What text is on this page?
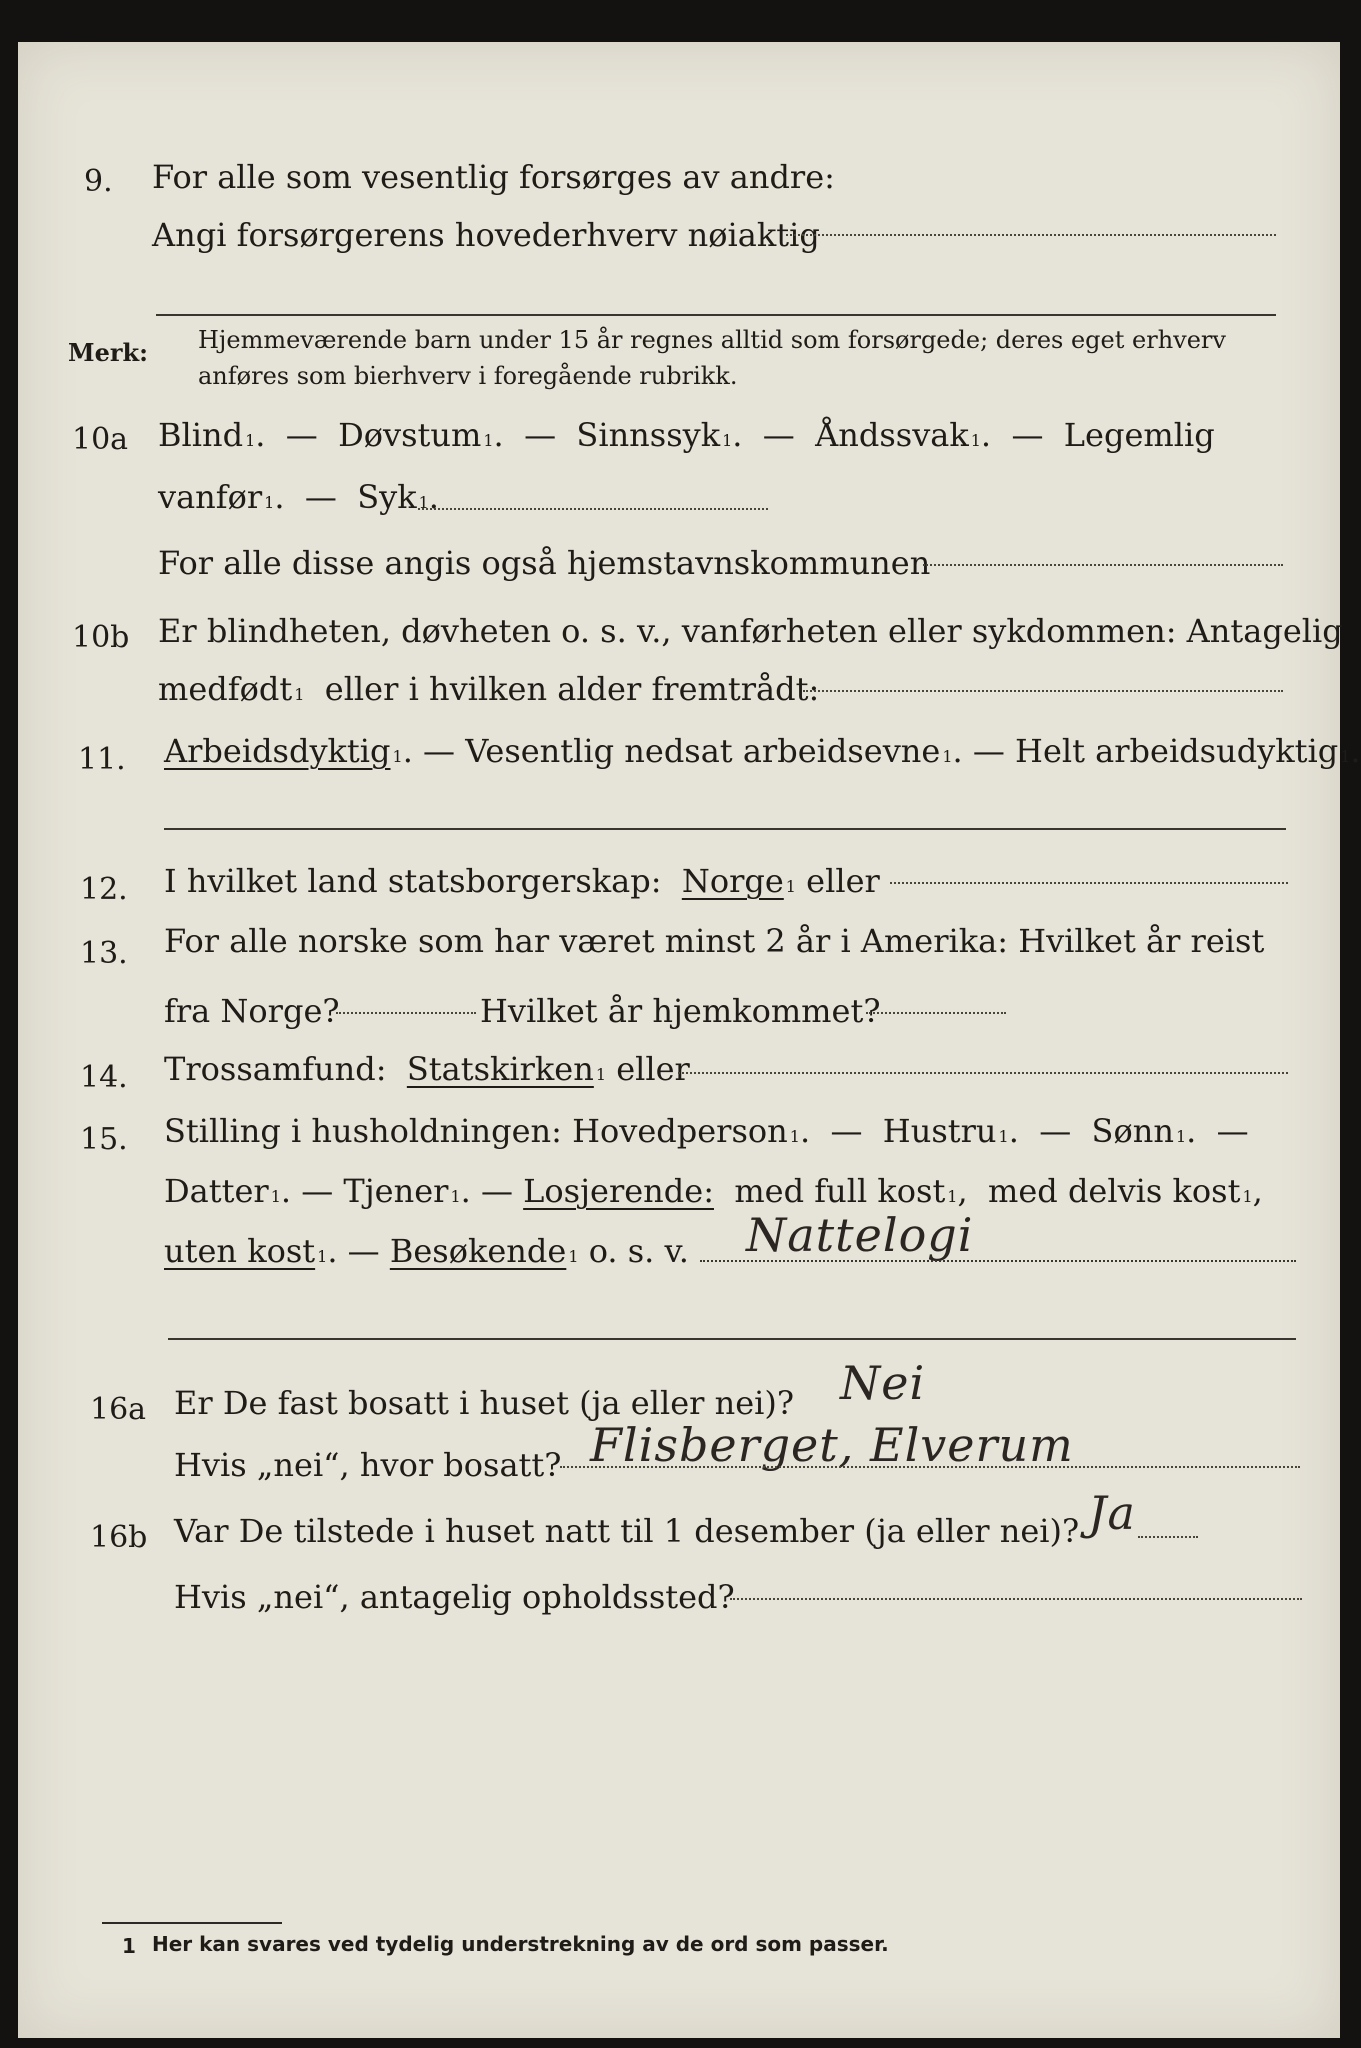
9. For alle som vesentlig forsørges av andre:
Angi forsørgerens hovederhverv nøiaktig
Merk: Hjemmeværende barn under 15 år regnes alltid som forsørgede; deres eget erhverv
anføres som bierhverv i foregående rubrikk.
10a Blind 1 .  — Døvstum 1 .  — Sinnssyk 1 .  — Åndssvak 1 .  — Legemlig
vanfør 1 .  — Syk 1 .
For alle disse angis også hjemstavnskommunen
10b Er blindheten, døvheten o. s. v., vanførheten eller sykdommen: Antagelig
medfødt 1
eller i hvilken alder fremtrådt:
11. Arbeidsdyktig 1 . — Vesentlig nedsat arbeidsevne 1 . — Helt arbeidsudyktig 1 .
12. I hvilket land statsborgerskap:
Norge 1
eller
13. For alle norske som har været minst 2 år i Amerika: Hvilket år reist
fra Norge?	Hvilket år hjemkommet?
14. Trossamfund:
Statskirken 1
eller
15. Stilling i husholdningen: Hovedperson 1 .  — Hustru 1 .  — Sønn 1 .  —
Datter 1 . — Tjener 1 . — Losjerende:
med full kost 1 , med delvis kost 1 ,
uten kost 1 . — Besøkende 1
o. s. v. Nattelogi
16a Er De fast bosatt i huset (ja eller nei)? Nei
Hvis „nei“, hvor bosatt? Flisberget, Elverum
16b Var De tilstede i huset natt til 1 desember (ja eller nei)? Ja
Hvis „nei“, antagelig opholdssted?
1 Her kan svares ved tydelig understrekning av de ord som passer.
